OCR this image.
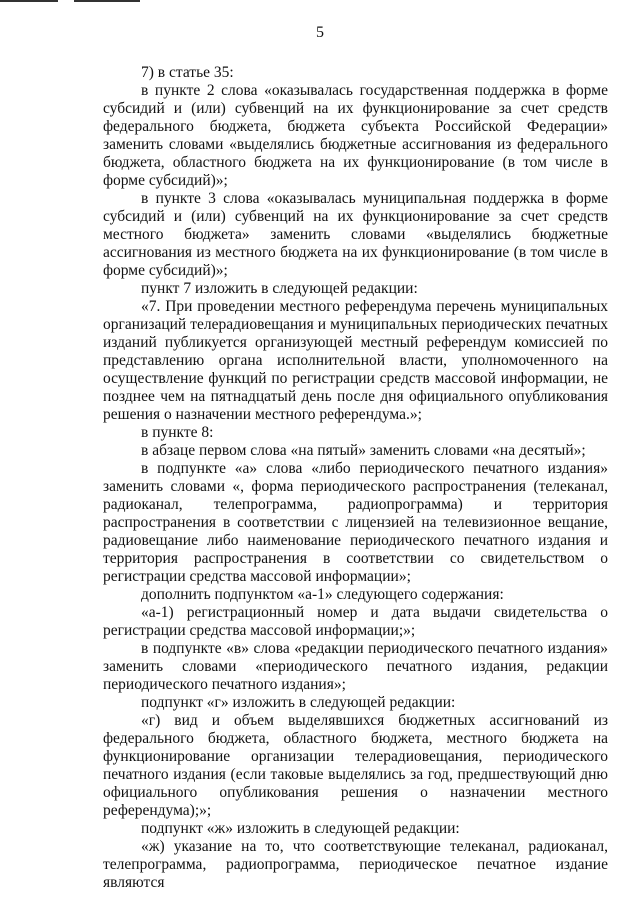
5

7) в статье 35:

в пункте 2 слова «оказывалась государственная поддержка в форме субсидий и (или) субвенций на их функционирование за счет средств федерального бюджета, бюджета субъекта Российской Федерации» заменить словами «выделялись бюджетные ассигнования из федерального бюджета, областного бюджета на их функционирование (в том числе в форме субсидий)»;

в пункте 3 слова «оказывалась муниципальная поддержка в форме субсидий и (или) субвенций на их функционирование за счет средств местного бюджета» заменить словами «выделялись бюджетные ассигнования из местного бюджета на их функционирование (в том числе в форме субсидий)»;

пункт 7 изложить в следующей редакции:

«7. При проведении местного референдума перечень муниципальных организаций телерадиовещания и муниципальных периодических печатных изданий публикуется организующей местный референдум комиссией по представлению органа исполнительной власти, уполномоченного на осуществление функций по регистрации средств массовой информации, не позднее чем на пятнадцатый день после дня официального опубликования решения о назначении местного референдума.»;

в пункте 8:

в абзаце первом слова «на пятый» заменить словами «на десятый»;

в подпункте «а» слова «либо периодического печатного издания» заменить словами «, форма периодического распространения (телеканал, радиоканал, телепрограмма, радиопрограмма) и территория распространения в соответствии с лицензией на телевизионное вещание, радиовещание либо наименование периодического печатного издания и территория распространения в соответствии со свидетельством о регистрации средства массовой информации»;

дополнить подпунктом «а-1» следующего содержания:

«а-1) регистрационный номер и дата выдачи свидетельства о регистрации средства массовой информации;»;

в подпункте «в» слова «редакции периодического печатного издания» заменить словами «периодического печатного издания, редакции периодического печатного издания»;

подпункт «г» изложить в следующей редакции:

«г) вид и объем выделявшихся бюджетных ассигнований из федерального бюджета, областного бюджета, местного бюджета на функционирование организации телерадиовещания, периодического печатного издания (если таковые выделялись за год, предшествующий дню официального опубликования решения о назначении местного референдума);»;

подпункт «ж» изложить в следующей редакции:

«ж) указание на то, что соответствующие телеканал, радиоканал, телепрограмма, радиопрограмма, периодическое печатное издание являются
